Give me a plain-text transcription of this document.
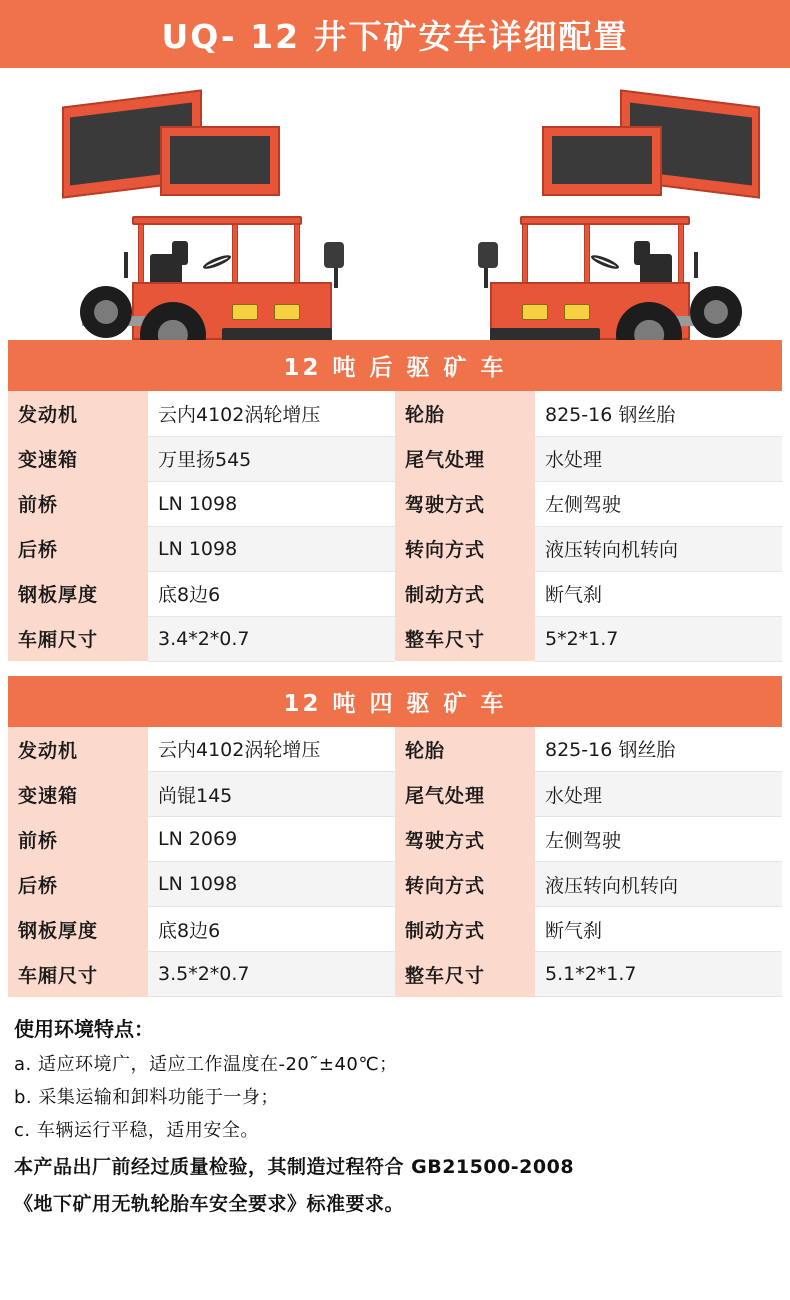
UQ- 12 井下矿安车详细配置
12 吨 后 驱 矿 车
发动机	云内4102涡轮增压	轮胎	825-16 钢丝胎
变速箱	万里扬545	尾气处理	水处理
前桥	LN 1098	驾驶方式	左侧驾驶
后桥	LN 1098	转向方式	液压转向机转向
钢板厚度	底8边6	制动方式	断气刹
车厢尺寸	3.4*2*0.7	整车尺寸	5*2*1.7
12 吨 四 驱 矿 车
发动机	云内4102涡轮增压	轮胎	825-16 钢丝胎
变速箱	尚锟145	尾气处理	水处理
前桥	LN 2069	驾驶方式	左侧驾驶
后桥	LN 1098	转向方式	液压转向机转向
钢板厚度	底8边6	制动方式	断气刹
车厢尺寸	3.5*2*0.7	整车尺寸	5.1*2*1.7
使用环境特点：
a. 适应环境广，适应工作温度在-20˜±40℃；
b. 采集运输和卸料功能于一身；
c. 车辆运行平稳，适用安全。
本产品出厂前经过质量检验，其制造过程符合 GB21500-2008
《地下矿用无轨轮胎车安全要求》标准要求。
